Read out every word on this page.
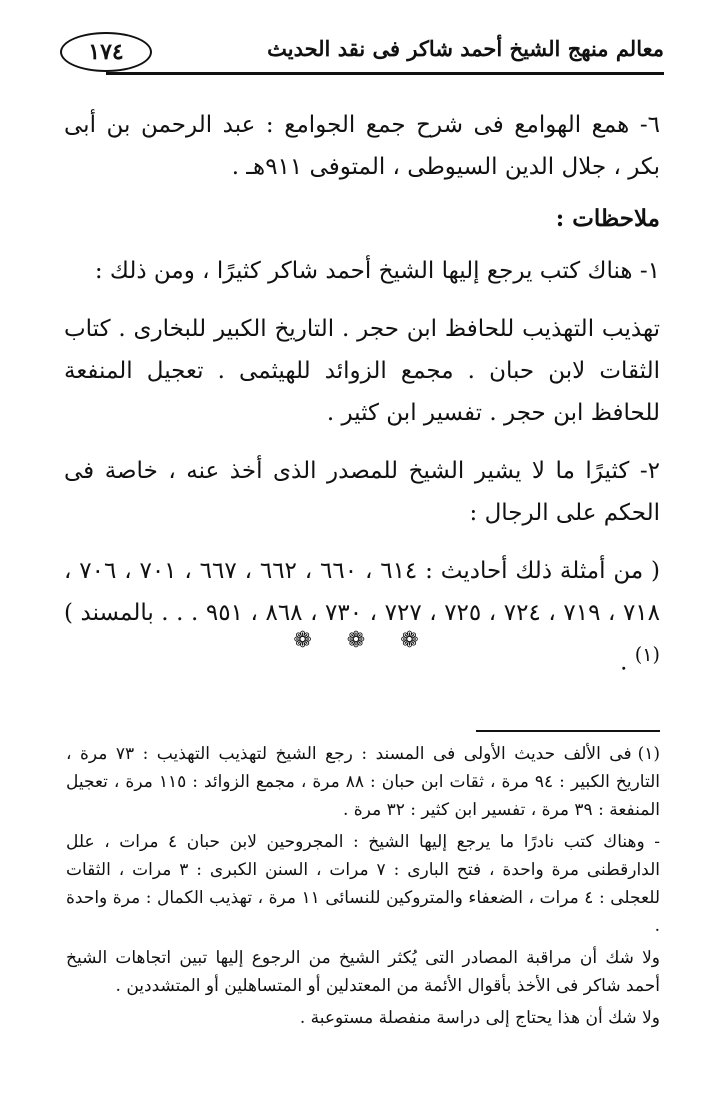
١٧٤	معالم منهج الشيخ أحمد شاكر فى نقد الحديث

٦- همع الهوامع فى شرح جمع الجوامع : عبد الرحمن بن أبى بكر ، جلال الدين السيوطى ، المتوفى ٩١١هـ .

ملاحظات :

١- هناك كتب يرجع إليها الشيخ أحمد شاكر كثيرًا ، ومن ذلك :

تهذيب التهذيب للحافظ ابن حجر . التاريخ الكبير للبخارى . كتاب الثقات لابن حبان . مجمع الزوائد للهيثمى . تعجيل المنفعة للحافظ ابن حجر . تفسير ابن كثير .

٢- كثيرًا ما لا يشير الشيخ للمصدر الذى أخذ عنه ، خاصة فى الحكم على الرجال :

( من أمثلة ذلك أحاديث : ٦١٤ ، ٦٦٠ ، ٦٦٢ ، ٦٦٧ ، ٧٠١ ، ٧٠٦ ، ٧١٨ ، ٧١٩ ، ٧٢٤ ، ٧٢٥ ، ٧٢٧ ، ٧٣٠ ، ٨٦٨ ، ٩٥١ . . . بالمسند )$^{(١)}$ .

❁ ❁ ❁

(١)فى الألف حديث الأولى فى المسند : رجع الشيخ لتهذيب التهذيب : ٧٣ مرة ، التاريخ الكبير : ٩٤ مرة ، ثقات ابن حبان : ٨٨ مرة ، مجمع الزوائد : ١١٥ مرة ، تعجيل المنفعة : ٣٩ مرة ، تفسير ابن كثير : ٣٢ مرة .

- وهناك كتب نادرًا ما يرجع إليها الشيخ : المجروحين لابن حبان ٤ مرات ، علل الدارقطنى مرة واحدة ، فتح البارى : ٧ مرات ، السنن الكبرى : ٣ مرات ، الثقات للعجلى : ٤ مرات ، الضعفاء والمتروكين للنسائى ١١ مرة ، تهذيب الكمال : مرة واحدة .

ولا شك أن مراقبة المصادر التى يُكثر الشيخ من الرجوع إليها تبين اتجاهات الشيخ أحمد شاكر فى الأخذ بأقوال الأئمة من المعتدلين أو المتساهلين أو المتشددين .

ولا شك أن هذا يحتاج إلى دراسة منفصلة مستوعبة .
